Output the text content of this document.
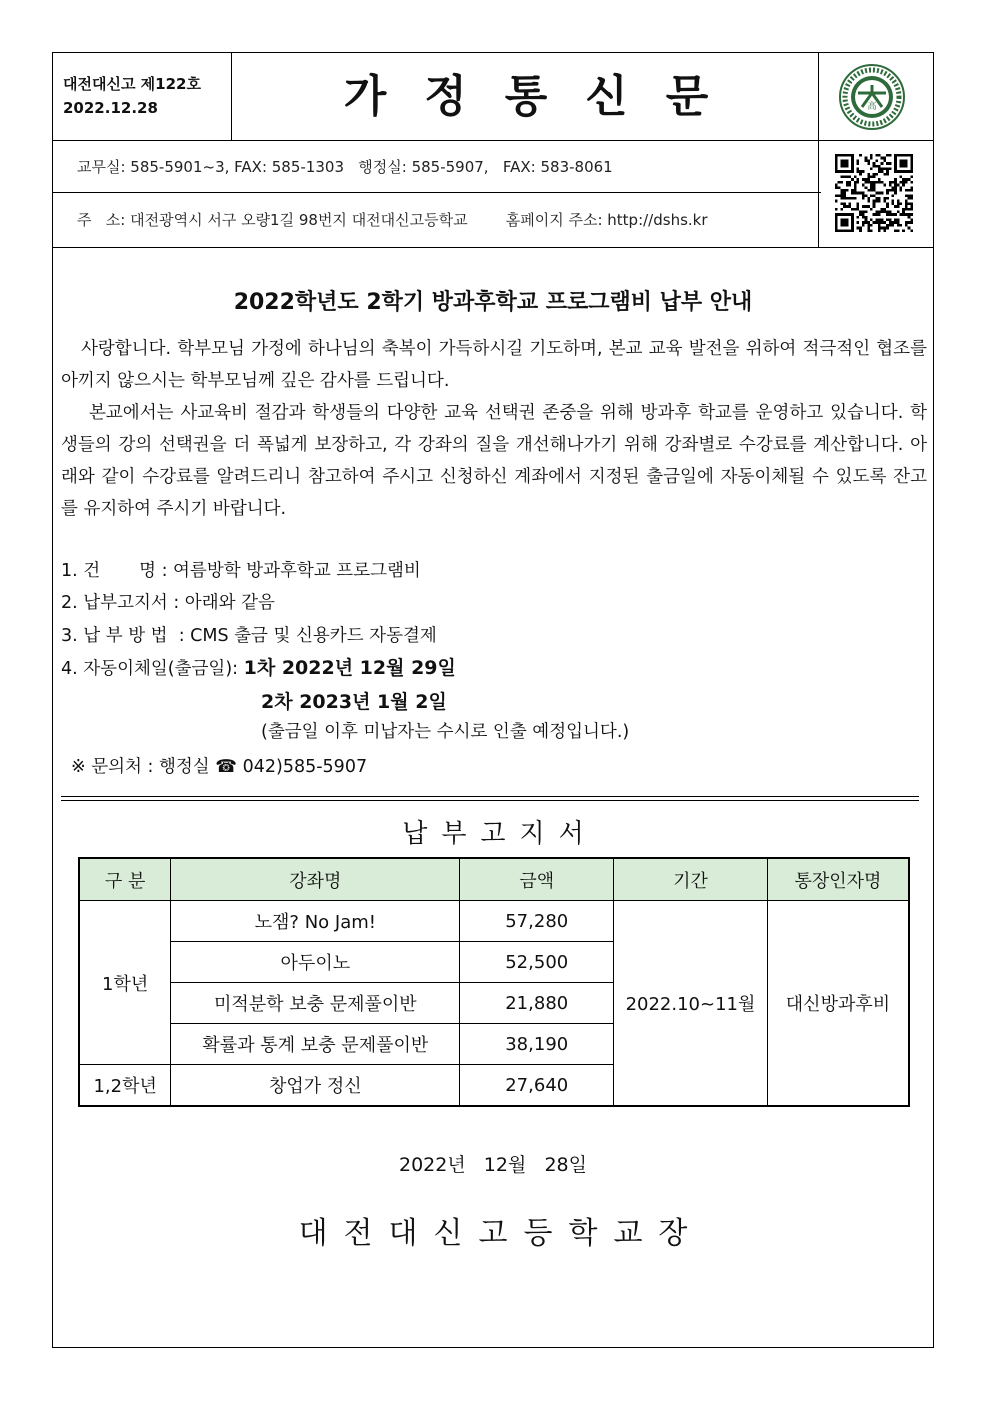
대전대신고 제122호
2022.12.28	가정통신문	高
교무실: 585-5901~3, FAX: 585-1303   행정실: 585-5907,   FAX: 583-8061
주   소: 대전광역시 서구 오량1길 98번지 대전대신고등학교        홈페이지 주소: http://dshs.kr
2022학년도 2학기 방과후학교 프로그램비 납부 안내
사랑합니다. 학부모님 가정에 하나님의 축복이 가득하시길 기도하며, 본교 교육 발전을 위하여 적극적인 협조를 아끼지 않으시는 학부모님께 깊은 감사를 드립니다.
본교에서는 사교육비 절감과 학생들의 다양한 교육 선택권 존중을 위해 방과후 학교를 운영하고 있습니다. 학생들의 강의 선택권을 더 폭넓게 보장하고, 각 강좌의 질을 개선해나가기 위해 강좌별로 수강료를 계산합니다. 아래와 같이 수강료를 알려드리니 참고하여 주시고 신청하신 계좌에서 지정된 출금일에 자동이체될 수 있도록 잔고를 유지하여 주시기 바랍니다.
1. 건       명 : 여름방학 방과후학교 프로그램비
2. 납부고지서 : 아래와 같음
3. 납 부 방 법  : CMS 출금 및 신용카드 자동결제
4. 자동이체일(출금일): 1차 2022년 12월 29일
2차 2023년 1월 2일
(출금일 이후 미납자는 수시로 인출 예정입니다.)
※ 문의처 : 행정실 ☎ 042)585-5907
납부고지서
구 분	강좌명	금액	기간	통장인자명
1학년	노잼? No Jam!	57,280	2022.10~11월	대신방과후비
	아두이노	52,500		
	미적분학 보충 문제풀이반	21,880		
	확률과 통계 보충 문제풀이반	38,190		
1,2학년	창업가 정신	27,640		
2022년   12월   28일
대전대신고등학교장
